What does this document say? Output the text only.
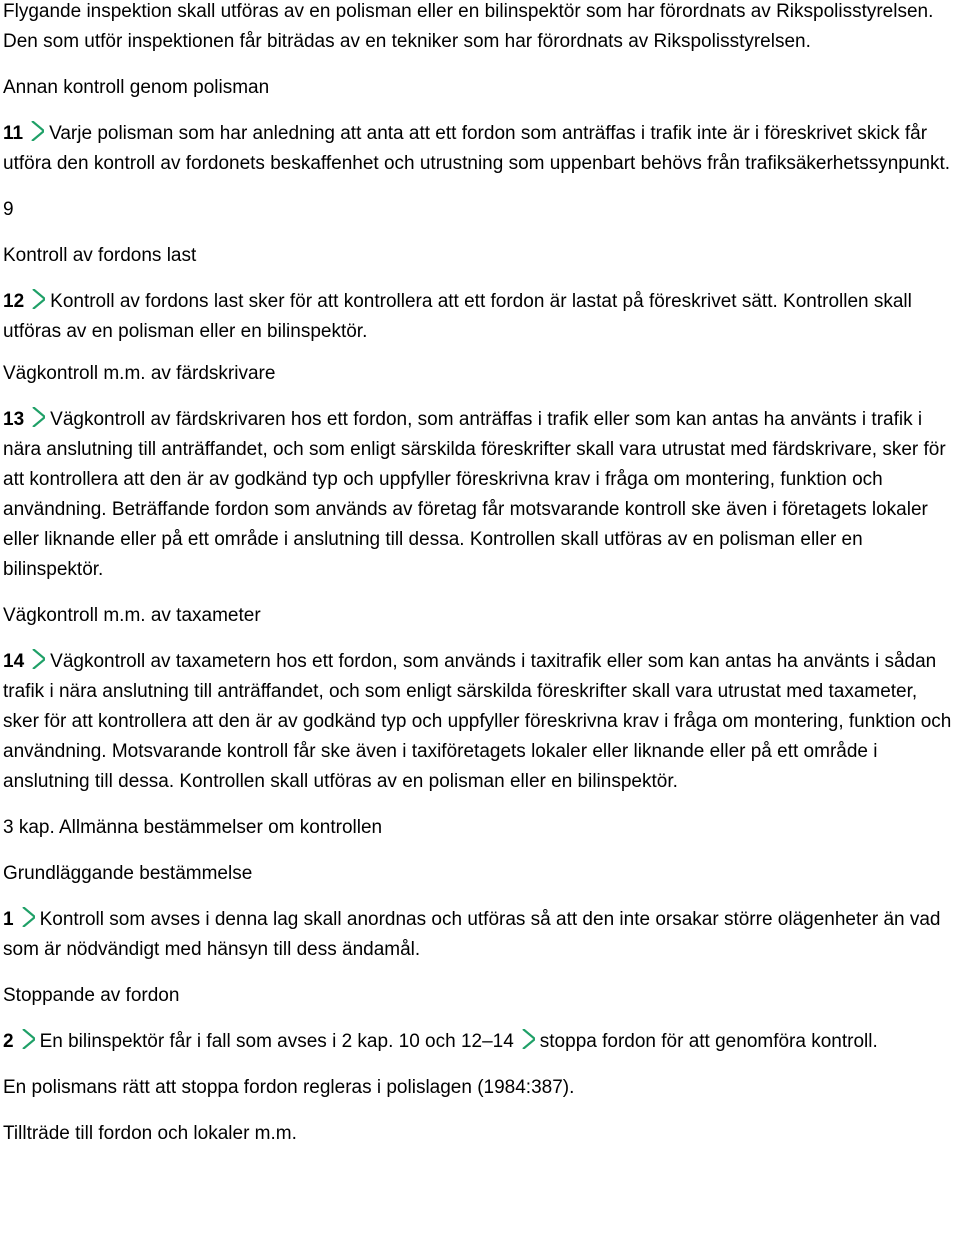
Flygande inspektion skall utföras av en polisman eller en bilinspektör som har förordnats av Rikspolisstyrelsen. Den som utför inspektionen får biträdas av en tekniker som har förordnats av Rikspolisstyrelsen.

Annan kontroll genom polisman

11 Varje polisman som har anledning att anta att ett fordon som anträffas i trafik inte är i föreskrivet skick får utföra den kontroll av fordonets beskaffenhet och utrustning som uppenbart behövs från trafiksäkerhetssynpunkt.

9

Kontroll av fordons last

12 Kontroll av fordons last sker för att kontrollera att ett fordon är lastat på föreskrivet sätt. Kontrollen skall utföras av en polisman eller en bilinspektör.

Vägkontroll m.m. av färdskrivare

13 Vägkontroll av färdskrivaren hos ett fordon, som anträffas i trafik eller som kan antas ha använts i trafik i nära anslutning till anträffandet, och som enligt särskilda föreskrifter skall vara utrustat med färdskrivare, sker för att kontrollera att den är av godkänd typ och uppfyller föreskrivna krav i fråga om montering, funktion och användning. Beträffande fordon som används av företag får motsvarande kontroll ske även i företagets lokaler eller liknande eller på ett område i anslutning till dessa. Kontrollen skall utföras av en polisman eller en bilinspektör.

Vägkontroll m.m. av taxameter

14 Vägkontroll av taxametern hos ett fordon, som används i taxitrafik eller som kan antas ha använts i sådan trafik i nära anslutning till anträffandet, och som enligt särskilda föreskrifter skall vara utrustat med taxameter, sker för att kontrollera att den är av godkänd typ och uppfyller föreskrivna krav i fråga om montering, funktion och användning. Motsvarande kontroll får ske även i taxiföretagets lokaler eller liknande eller på ett område i anslutning till dessa. Kontrollen skall utföras av en polisman eller en bilinspektör.

3 kap. Allmänna bestämmelser om kontrollen

Grundläggande bestämmelse

1 Kontroll som avses i denna lag skall anordnas och utföras så att den inte orsakar större olägenheter än vad som är nödvändigt med hänsyn till dess ändamål.

Stoppande av fordon

2 En bilinspektör får i fall som avses i 2 kap. 10 och 12–14 stoppa fordon för att genomföra kontroll.

En polismans rätt att stoppa fordon regleras i polislagen (1984:387).

Tillträde till fordon och lokaler m.m.
